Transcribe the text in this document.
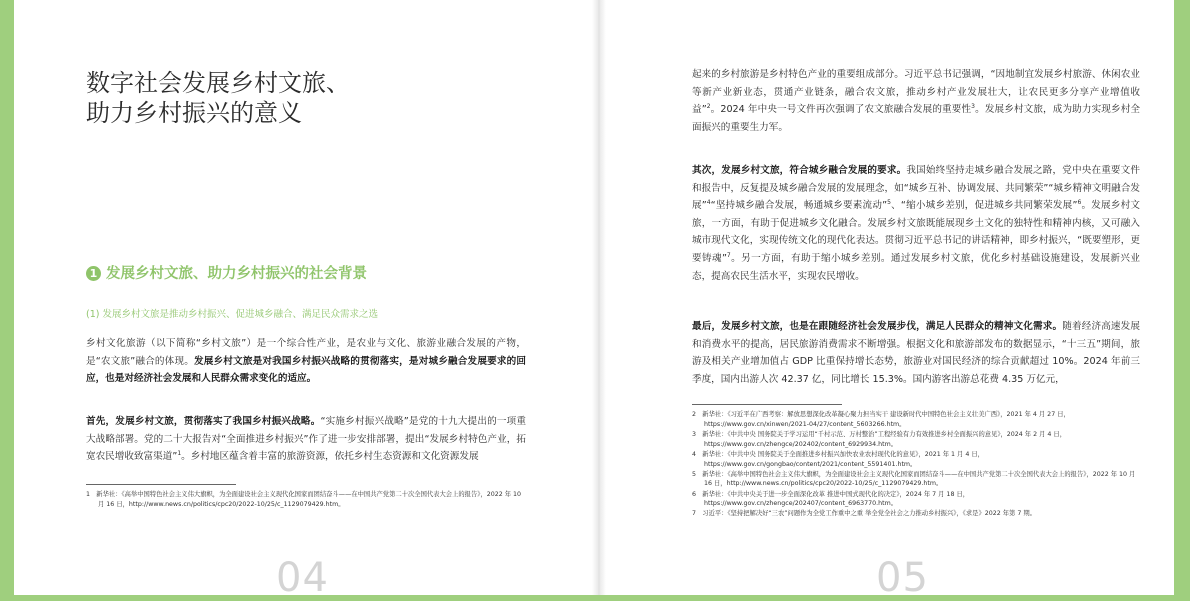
数字社会发展乡村文旅、
助力乡村振兴的意义
1 发展乡村文旅、助力乡村振兴的社会背景
(1) 发展乡村文旅是推动乡村振兴、促进城乡融合、满足民众需求之选

乡村文化旅游（以下简称“乡村文旅”）是一个综合性产业，是农业与文化、旅游业融合发展的产物，是“农文旅”融合的体现。发展乡村文旅是对我国乡村振兴战略的贯彻落实，是对城乡融合发展要求的回应，也是对经济社会发展和人民群众需求变化的适应。

首先，发展乡村文旅，贯彻落实了我国乡村振兴战略。“实施乡村振兴战略”是党的十九大提出的一项重大战略部署。党的二十大报告对“全面推进乡村振兴”作了进一步安排部署，提出“发展乡村特色产业，拓宽农民增收致富渠道”$^1$。乡村地区蕴含着丰富的旅游资源，依托乡村生态资源和文化资源发展

1　新华社：《高举中国特色社会主义伟大旗帜，为全面建设社会主义现代化国家而团结奋斗——在中国共产党第二十次全国代表大会上的报告》，2022 年 10 月 16 日，http://www.news.cn/politics/cpc20/2022-10/25/c_1129079429.htm。

04

起来的乡村旅游是乡村特色产业的重要组成部分。习近平总书记强调，“因地制宜发展乡村旅游、休闲农业等新产业新业态，贯通产业链条，融合农文旅，推动乡村产业发展壮大，让农民更多分享产业增值收益”$^2$。2024 年中央一号文件再次强调了农文旅融合发展的重要性$^3$。发展乡村文旅，成为助力实现乡村全面振兴的重要生力军。

其次，发展乡村文旅，符合城乡融合发展的要求。我国始终坚持走城乡融合发展之路，党中央在重要文件和报告中，反复提及城乡融合发展的发展理念，如“城乡互补、协调发展、共同繁荣”“城乡精神文明融合发展”$^4$“坚持城乡融合发展，畅通城乡要素流动”$^5$、“缩小城乡差别，促进城乡共同繁荣发展”$^6$。发展乡村文旅，一方面，有助于促进城乡文化融合。发展乡村文旅既能展现乡土文化的独特性和精神内核，又可融入城市现代文化，实现传统文化的现代化表达。贯彻习近平总书记的讲话精神，即乡村振兴，“既要塑形，更要铸魂”$^7$。另一方面，有助于缩小城乡差别。通过发展乡村文旅，优化乡村基础设施建设，发展新兴业态，提高农民生活水平，实现农民增收。

最后，发展乡村文旅，也是在跟随经济社会发展步伐，满足人民群众的精神文化需求。随着经济高速发展和消费水平的提高，居民旅游消费需求不断增强。根据文化和旅游部发布的数据显示，“十三五”期间，旅游及相关产业增加值占 GDP 比重保持增长态势，旅游业对国民经济的综合贡献超过 10%。2024 年前三季度，国内出游人次 42.37 亿，同比增长 15.3%。国内游客出游总花费 4.35 万亿元，

2　新华社：《习近平在广西考察：解放思想深化改革凝心聚力担当实干 建设新时代中国特色社会主义壮美广西》，2021 年 4 月 27 日，https://www.gov.cn/xinwen/2021-04/27/content_5603266.htm。

3　新华社：《中共中央 国务院关于学习运用“千村示范、万村整治”工程经验有力有效推进乡村全面振兴的意见》，2024 年 2 月 4 日，https://www.gov.cn/zhengce/202402/content_6929934.htm。

4　新华社：《中共中央 国务院关于全面推进乡村振兴加快农业农村现代化的意见》，2021 年 1 月 4 日，https://www.gov.cn/gongbao/content/2021/content_5591401.htm。

5　新华社：《高举中国特色社会主义伟大旗帜，为全面建设社会主义现代化国家而团结奋斗——在中国共产党第二十次全国代表大会上的报告》，2022 年 10 月 16 日，http://www.news.cn/politics/cpc20/2022-10/25/c_1129079429.htm。

6　新华社：《中共中央关于进一步全面深化改革 推进中国式现代化的决定》，2024 年 7 月 18 日，https://www.gov.cn/zhengce/202407/content_6963770.htm。

7　习近平：《坚持把解决好“三农”问题作为全党工作重中之重 举全党全社会之力推动乡村振兴》，《求是》2022 年第 7 期。

05
